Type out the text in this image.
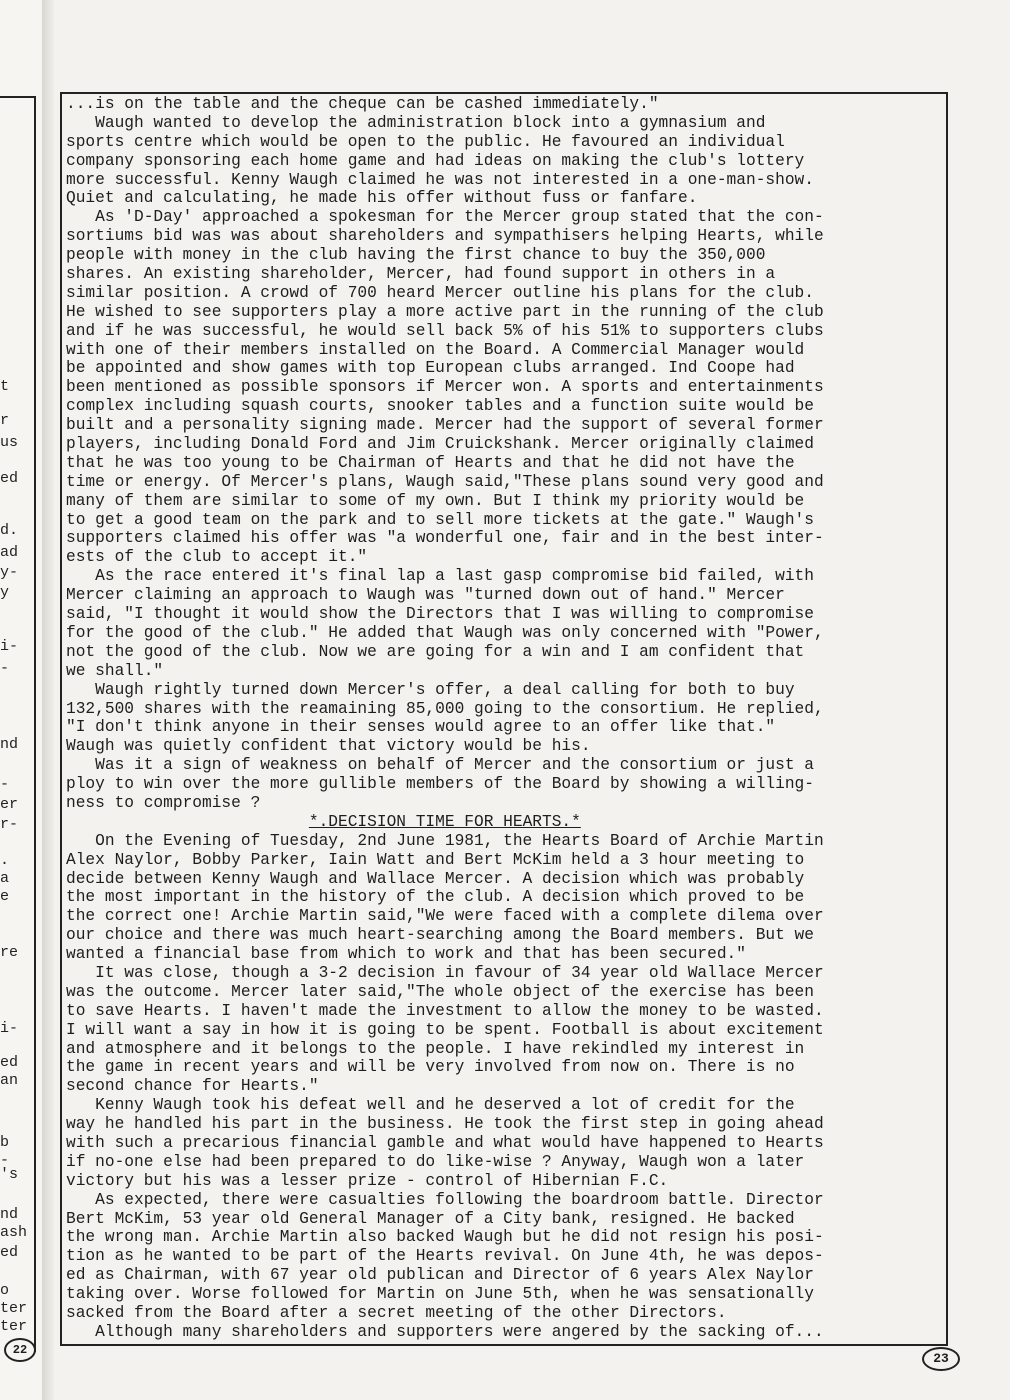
t
r
us
ed
d.
ad
y-
y
i-
-
nd
-
er
r-
.
a
e
re
i-
ed
an
b
-
's
nd
ash
ed
o
ter
ter
22
...is on the table and the cheque can be cashed immediately."
Waugh wanted to develop the administration block into a gymnasium and
sports centre which would be open to the public. He favoured an individual
company sponsoring each home game and had ideas on making the club's lottery
more successful. Kenny Waugh claimed he was not interested in a one-man-show.
Quiet and calculating, he made his offer without fuss or fanfare.
As 'D-Day' approached a spokesman for the Mercer group stated that the con-
sortiums bid was was about shareholders and sympathisers helping Hearts, while
people with money in the club having the first chance to buy the 350,000
shares. An existing shareholder, Mercer, had found support in others in a
similar position. A crowd of 700 heard Mercer outline his plans for the club.
He wished to see supporters play a more active part in the running of the club
and if he was successful, he would sell back 5% of his 51% to supporters clubs
with one of their members installed on the Board. A Commercial Manager would
be appointed and show games with top European clubs arranged. Ind Coope had
been mentioned as possible sponsors if Mercer won. A sports and entertainments
complex including squash courts, snooker tables and a function suite would be
built and a personality signing made. Mercer had the support of several former
players, including Donald Ford and Jim Cruickshank. Mercer originally claimed
that he was too young to be Chairman of Hearts and that he did not have the
time or energy. Of Mercer's plans, Waugh said,"These plans sound very good and
many of them are similar to some of my own. But I think my priority would be
to get a good team on the park and to sell more tickets at the gate." Waugh's
supporters claimed his offer was "a wonderful one, fair and in the best inter-
ests of the club to accept it."
As the race entered it's final lap a last gasp compromise bid failed, with
Mercer claiming an approach to Waugh was "turned down out of hand." Mercer
said, "I thought it would show the Directors that I was willing to compromise
for the good of the club." He added that Waugh was only concerned with "Power,
not the good of the club. Now we are going for a win and I am confident that
we shall."
Waugh rightly turned down Mercer's offer, a deal calling for both to buy
132,500 shares with the reamaining 85,000 going to the consortium. He replied,
"I don't think anyone in their senses would agree to an offer like that."
Waugh was quietly confident that victory would be his.
Was it a sign of weakness on behalf of Mercer and the consortium or just a
ploy to win over the more gullible members of the Board by showing a willing-
ness to compromise ?
*.DECISION TIME FOR HEARTS.*
On the Evening of Tuesday, 2nd June 1981, the Hearts Board of Archie Martin
Alex Naylor, Bobby Parker, Iain Watt and Bert McKim held a 3 hour meeting to
decide between Kenny Waugh and Wallace Mercer. A decision which was probably
the most important in the history of the club. A decision which proved to be
the correct one! Archie Martin said,"We were faced with a complete dilema over
our choice and there was much heart-searching among the Board members. But we
wanted a financial base from which to work and that has been secured."
It was close, though a 3-2 decision in favour of 34 year old Wallace Mercer
was the outcome. Mercer later said,"The whole object of the exercise has been
to save Hearts. I haven't made the investment to allow the money to be wasted.
I will want a say in how it is going to be spent. Football is about excitement
and atmosphere and it belongs to the people. I have rekindled my interest in
the game in recent years and will be very involved from now on. There is no
second chance for Hearts."
Kenny Waugh took his defeat well and he deserved a lot of credit for the
way he handled his part in the business. He took the first step in going ahead
with such a precarious financial gamble and what would have happened to Hearts
if no-one else had been prepared to do like-wise ? Anyway, Waugh won a later
victory but his was a lesser prize - control of Hibernian F.C.
As expected, there were casualties following the boardroom battle. Director
Bert McKim, 53 year old General Manager of a City bank, resigned. He backed
the wrong man. Archie Martin also backed Waugh but he did not resign his posi-
tion as he wanted to be part of the Hearts revival. On June 4th, he was depos-
ed as Chairman, with 67 year old publican and Director of 6 years Alex Naylor
taking over. Worse followed for Martin on June 5th, when he was sensationally
sacked from the Board after a secret meeting of the other Directors.
Although many shareholders and supporters were angered by the sacking of...
23
